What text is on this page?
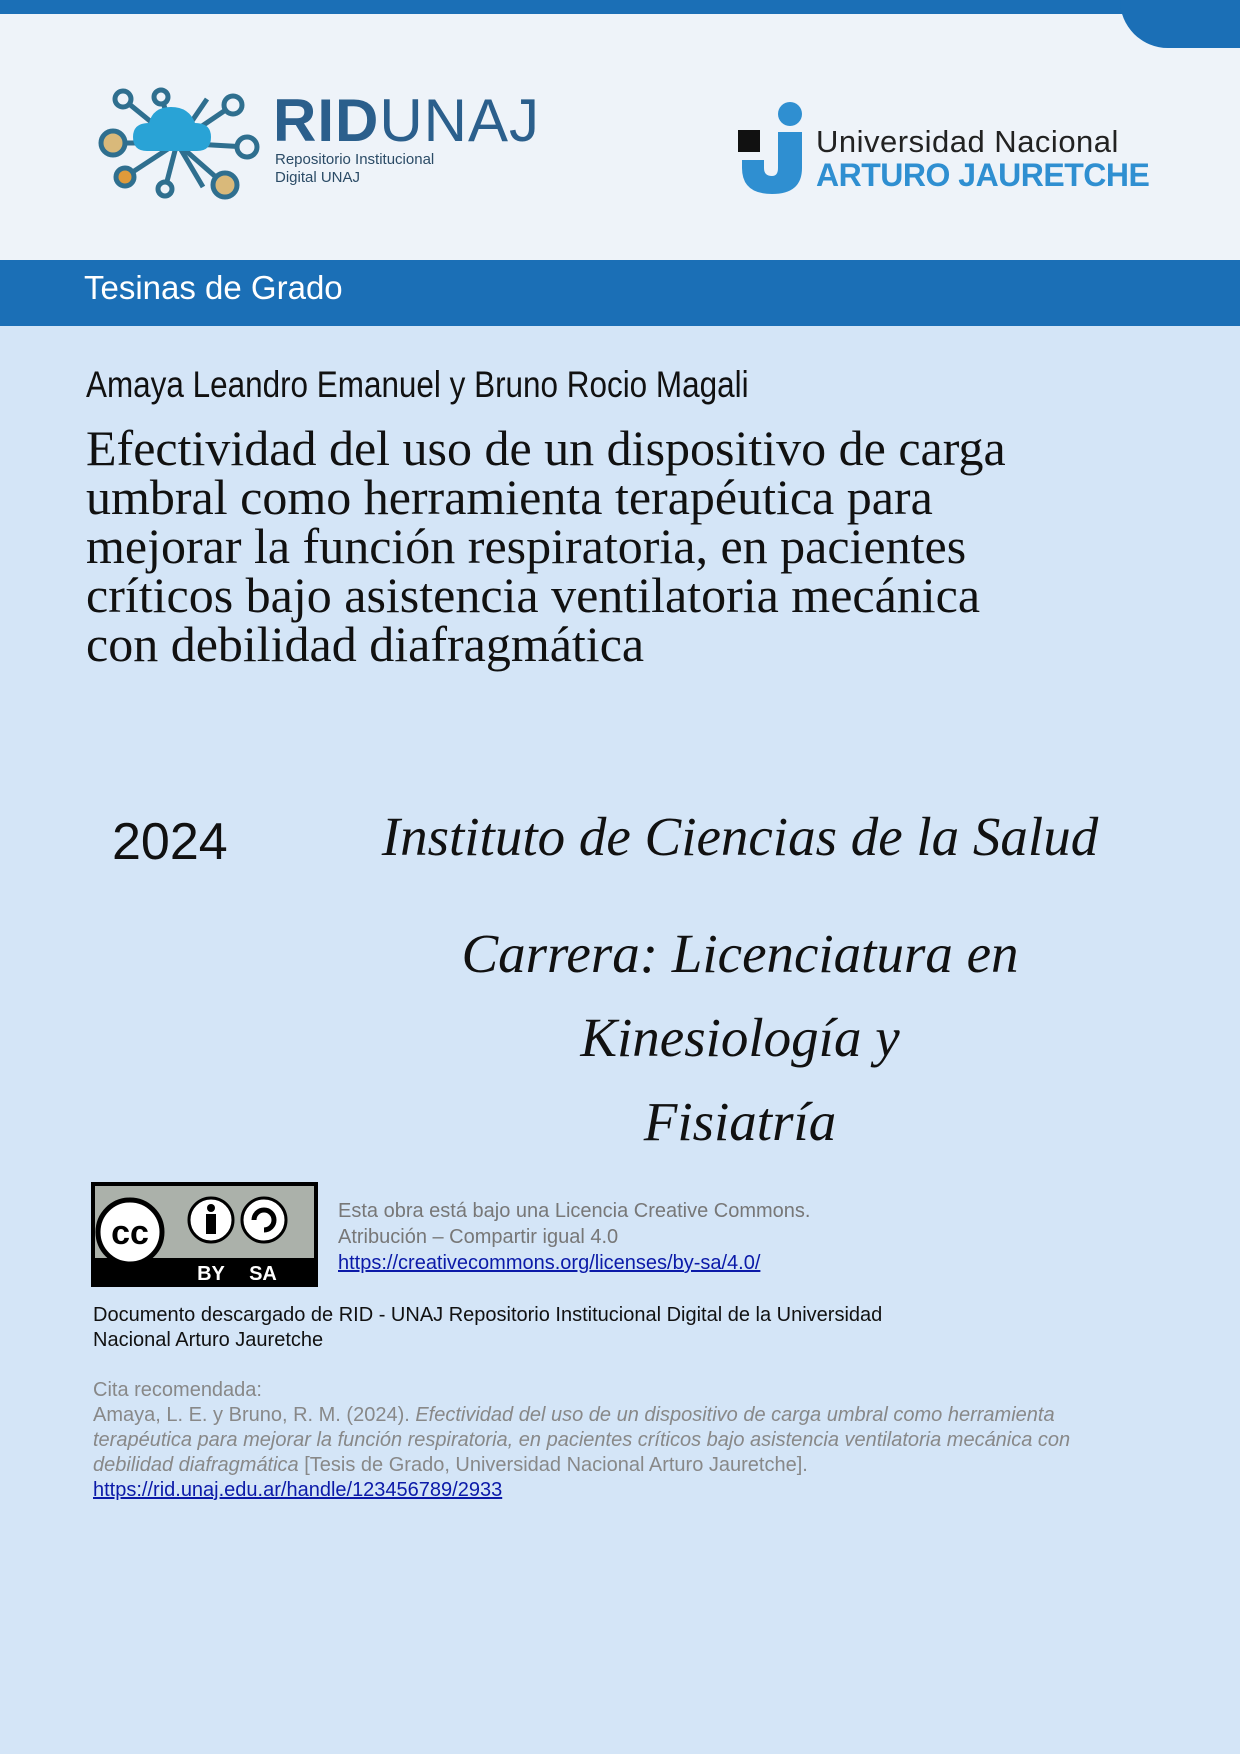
RIDUNAJ
Repositorio Institucional
Digital UNAJ
Universidad Nacional
ARTURO JAURETCHE
Tesinas de Grado
Amaya Leandro Emanuel y Bruno Rocio Magali
Efectividad del uso de un dispositivo de carga
umbral como herramienta terapéutica para
mejorar la función respiratoria, en pacientes
críticos bajo asistencia ventilatoria mecánica
con debilidad diafragmática
2024	Instituto de Ciencias de la Salud
Carrera: Licenciatura en Kinesiología y
Fisiatría
cc
BY SA
Esta obra está bajo una Licencia Creative Commons.
Atribución – Compartir igual 4.0
https://creativecommons.org/licenses/by-sa/4.0/
Documento descargado de RID - UNAJ Repositorio Institucional Digital de la Universidad
Nacional Arturo Jauretche
Cita recomendada:
Amaya, L. E. y Bruno, R. M. (2024). Efectividad del uso de un dispositivo de carga umbral como herramienta terapéutica para mejorar la función respiratoria, en pacientes críticos bajo asistencia ventilatoria mecánica con debilidad diafragmática [Tesis de Grado, Universidad Nacional Arturo Jauretche].
https://rid.unaj.edu.ar/handle/123456789/2933
